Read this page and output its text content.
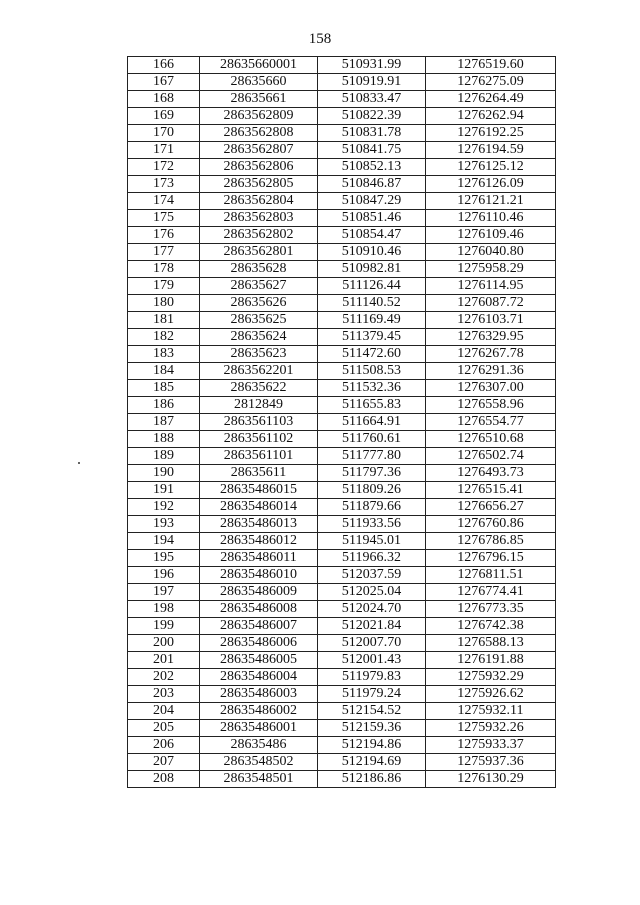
158
166	28635660001	510931.99	1276519.60
167	28635660	510919.91	1276275.09
168	28635661	510833.47	1276264.49
169	2863562809	510822.39	1276262.94
170	2863562808	510831.78	1276192.25
171	2863562807	510841.75	1276194.59
172	2863562806	510852.13	1276125.12
173	2863562805	510846.87	1276126.09
174	2863562804	510847.29	1276121.21
175	2863562803	510851.46	1276110.46
176	2863562802	510854.47	1276109.46
177	2863562801	510910.46	1276040.80
178	28635628	510982.81	1275958.29
179	28635627	511126.44	1276114.95
180	28635626	511140.52	1276087.72
181	28635625	511169.49	1276103.71
182	28635624	511379.45	1276329.95
183	28635623	511472.60	1276267.78
184	2863562201	511508.53	1276291.36
185	28635622	511532.36	1276307.00
186	2812849	511655.83	1276558.96
187	2863561103	511664.91	1276554.77
188	2863561102	511760.61	1276510.68
189	2863561101	511777.80	1276502.74
190	28635611	511797.36	1276493.73
191	28635486015	511809.26	1276515.41
192	28635486014	511879.66	1276656.27
193	28635486013	511933.56	1276760.86
194	28635486012	511945.01	1276786.85
195	28635486011	511966.32	1276796.15
196	28635486010	512037.59	1276811.51
197	28635486009	512025.04	1276774.41
198	28635486008	512024.70	1276773.35
199	28635486007	512021.84	1276742.38
200	28635486006	512007.70	1276588.13
201	28635486005	512001.43	1276191.88
202	28635486004	511979.83	1275932.29
203	28635486003	511979.24	1275926.62
204	28635486002	512154.52	1275932.11
205	28635486001	512159.36	1275932.26
206	28635486	512194.86	1275933.37
207	2863548502	512194.69	1275937.36
208	2863548501	512186.86	1276130.29
